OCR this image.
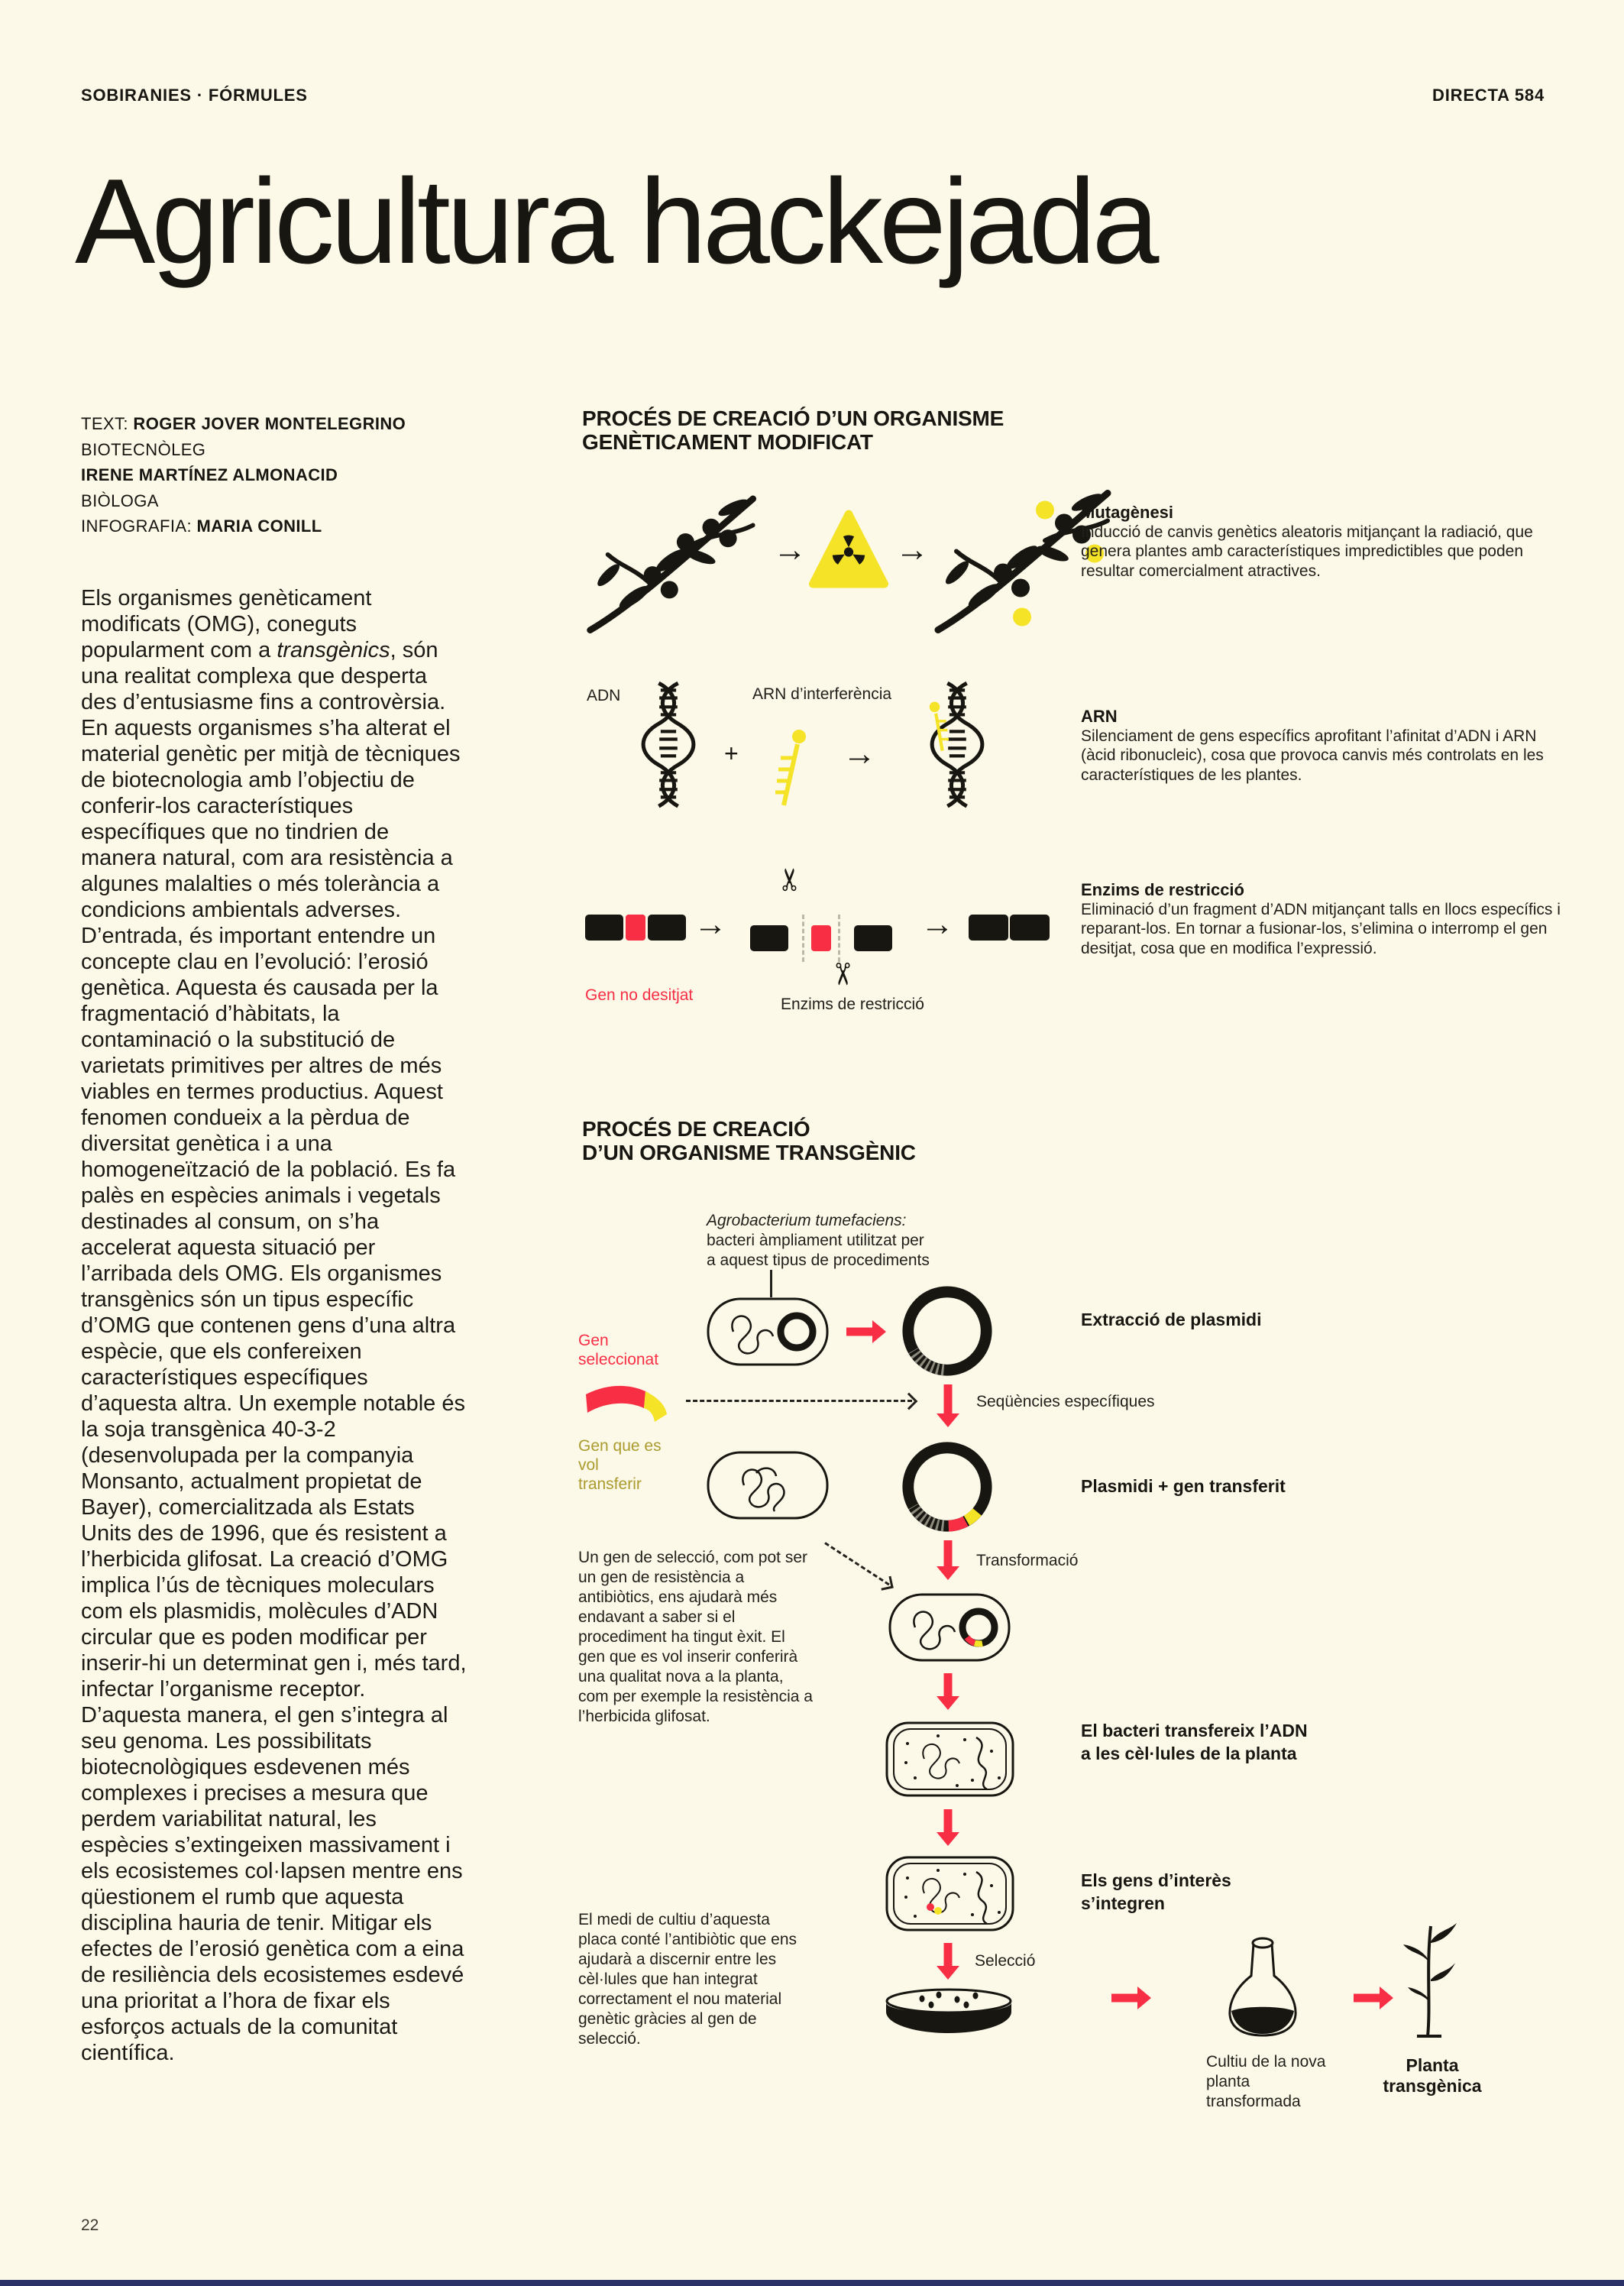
SOBIRANIES · FÓRMULES	DIRECTA 584
Agricultura hackejada
TEXT: ROGER JOVER MONTELEGRINO
BIOTECNÒLEG
IRENE MARTÍNEZ ALMONACID
BIÒLOGA
INFOGRAFIA: MARIA CONILL
Els organismes genèticament modificats (OMG), coneguts popularment com a transgènics, són una realitat complexa que desperta des d’entusiasme fins a controvèrsia. En aquests organismes s’ha alterat el material genètic per mitjà de tècniques de biotecnologia amb l’objectiu de conferir-los característiques específiques que no tindrien de manera natural, com ara resistència a algunes malalties o més tolerància a condicions ambientals adverses. D’entrada, és important entendre un concepte clau en l’evolució: l’erosió genètica. Aquesta és causada per la fragmentació d’hàbitats, la contaminació o la substitució de varietats primitives per altres de més viables en termes productius. Aquest fenomen condueix a la pèrdua de diversitat genètica i a una homogeneïtzació de la població. Es fa palès en espècies animals i vegetals destinades al consum, on s’ha accelerat aquesta situació per l’arribada dels OMG. Els organismes transgènics són un tipus específic d’OMG que contenen gens d’una altra espècie, que els confereixen característiques específiques d’aquesta altra. Un exemple notable és la soja transgènica 40-3-2 (desenvolupada per la companyia Monsanto, actualment propietat de Bayer), comercialitzada als Estats Units des de 1996, que és resistent a l’herbicida glifosat. La creació d’OMG implica l’ús de tècniques moleculars com els plasmidis, molècules d’ADN circular que es poden modificar per inserir-hi un determinat gen i, més tard, infectar l’organisme receptor. D’aquesta manera, el gen s’integra al seu genoma. Les possibilitats biotecnològiques esdevenen més complexes i precises a mesura que perdem variabilitat natural, les espècies s’extingeixen massivament i els ecosistemes col·lapsen mentre ens qüestionem el rumb que aquesta disciplina hauria de tenir. Mitigar els efectes de l’erosió genètica com a eina de resiliència dels ecosistemes esdevé una prioritat a l’hora de fixar els esforços actuals de la comunitat científica.
PROCÉS DE CREACIÓ D’UN ORGANISME
GENÈTICAMENT MODIFICAT
→	→
Mutagènesi
Inducció de canvis genètics aleatoris mitjançant la radiació, que genera plantes amb característiques impredictibles que poden resultar comercialment atractives.
ADN
+
ARN d’interferència
→
ARN
Silenciament de gens específics aprofitant l’afinitat d’ADN i ARN (àcid ribonucleic), cosa que provoca canvis més controlats en les característiques de les plantes.
✂
→
✂
→
Gen no desitjat
Enzims de restricció
Enzims de restricció
Eliminació d’un fragment d’ADN mitjançant talls en llocs específics i reparant-los. En tornar a fusionar-los, s’elimina o interromp el gen desitjat, cosa que en modifica l’expressió.
PROCÉS DE CREACIÓ
D’UN ORGANISME TRANSGÈNIC
Agrobacterium tumefaciens:
bacteri àmpliament utilitzat per
a aquest tipus de procediments
Extracció de plasmidi
Gen seleccionat
Seqüències específiques
Gen que es vol transferir	Plasmidi + gen transferit
Transformació
Un gen de selecció, com pot ser un gen de resistència a antibiòtics, ens ajudarà més endavant a saber si el procediment ha tingut èxit. El gen que es vol inserir conferirà una qualitat nova a la planta, com per exemple la resistència a l’herbicida glifosat.
El bacteri transfereix l’ADN a les cèl·lules de la planta
Els gens d’interès s’integren
El medi de cultiu d’aquesta placa conté l’antibiòtic que ens ajudarà a discernir entre les cèl·lules que han integrat correctament el nou material genètic gràcies al gen de selecció.
Selecció
Cultiu de la nova planta transformada
Planta transgènica
22
